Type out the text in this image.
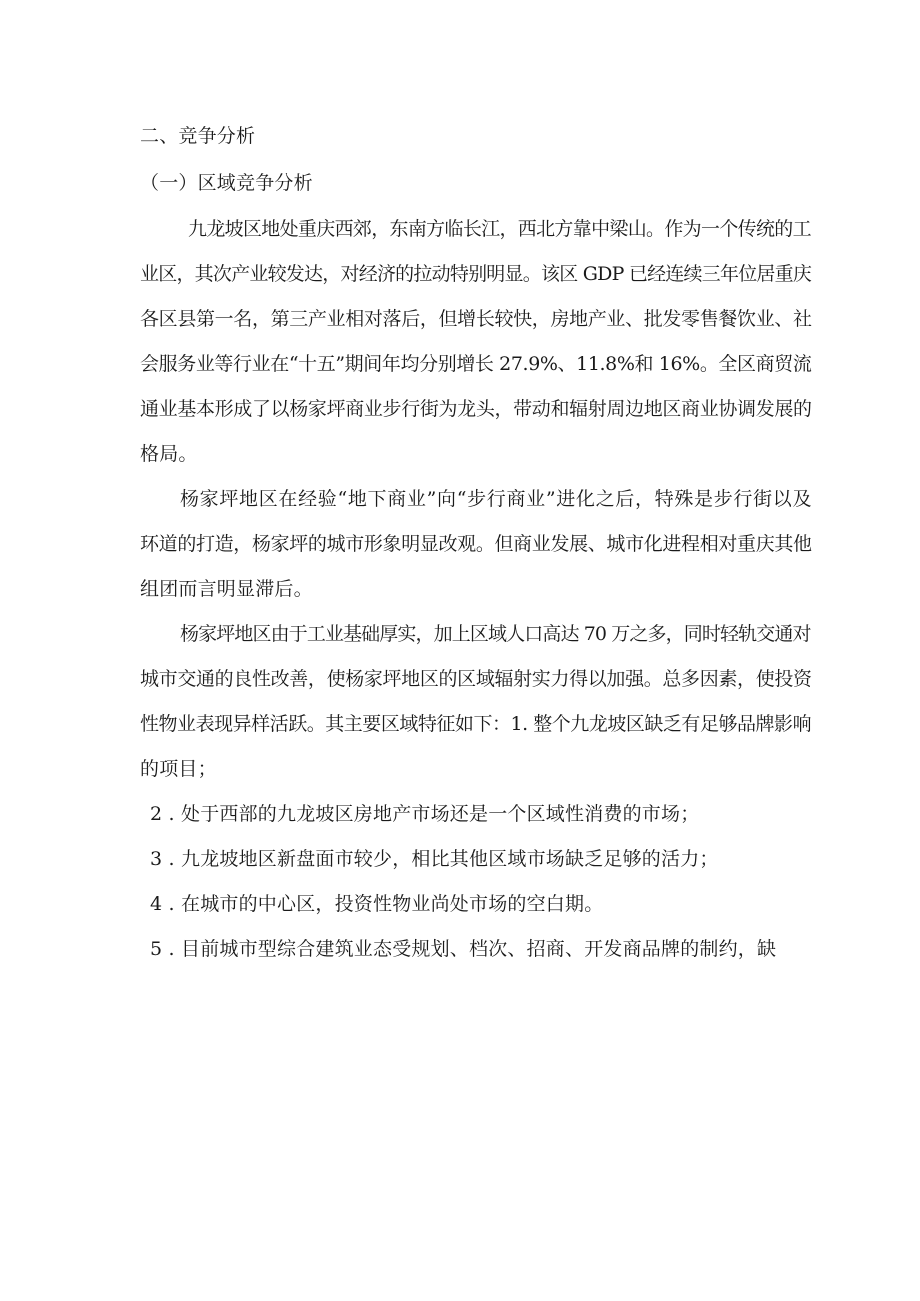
二、竞争分析
（一）区域竞争分析
九龙坡区地处重庆西郊，东南方临长江，西北方靠中梁山。作为一个传统的工
业区，其次产业较发达，对经济的拉动特别明显。该区 GDP 已经连续三年位居重庆
各区县第一名，第三产业相对落后，但增长较快，房地产业、批发零售餐饮业、社
会服务业等行业在“十五”期间年均分别增长 27.9%、11.8%和 16%。全区商贸流
通业基本形成了以杨家坪商业步行街为龙头，带动和辐射周边地区商业协调发展的
格局。
杨家坪地区在经验“地下商业”向“步行商业”进化之后，特殊是步行街以及
环道的打造，杨家坪的城市形象明显改观。但商业发展、城市化进程相对重庆其他
组团而言明显滞后。
杨家坪地区由于工业基础厚实，加上区域人口高达 70 万之多，同时轻轨交通对
城市交通的良性改善，使杨家坪地区的区域辐射实力得以加强。总多因素，使投资
性物业表现异样活跃。其主要区域特征如下：1. 整个九龙坡区缺乏有足够品牌影响
的项目；
2 . 处于西部的九龙坡区房地产市场还是一个区域性消费的市场；
3 . 九龙坡地区新盘面市较少，相比其他区域市场缺乏足够的活力；
4 . 在城市的中心区，投资性物业尚处市场的空白期。
5 . 目前城市型综合建筑业态受规划、档次、招商、开发商品牌的制约，缺
